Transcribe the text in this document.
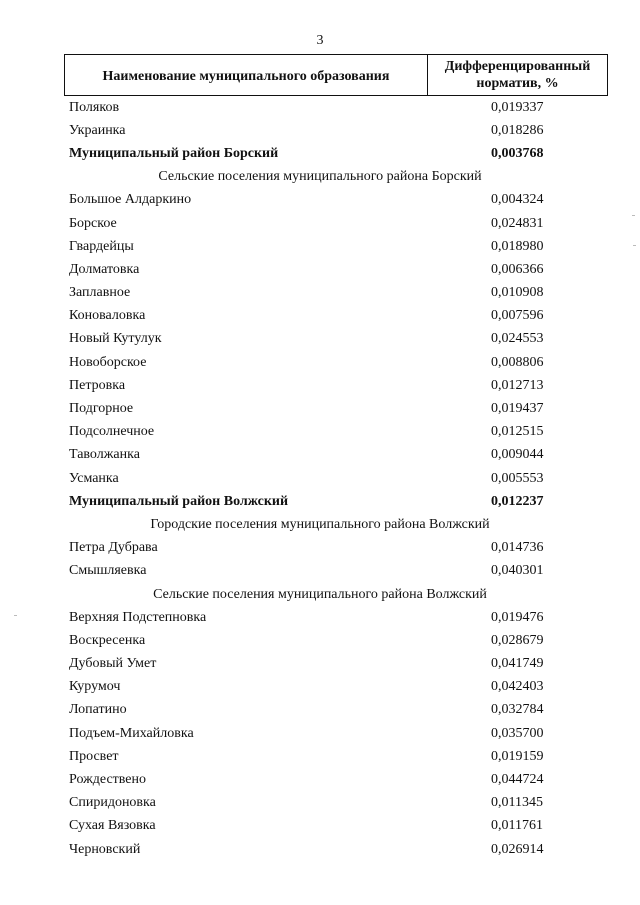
3
Наименование муниципального образования
Дифференцированный
норматив, %
Поляков	0,019337
Украинка	0,018286
Муниципальный район Борский	0,003768
Сельские поселения муниципального района Борский
Большое Алдаркино	0,004324
Борское	0,024831
Гвардейцы	0,018980
Долматовка	0,006366
Заплавное	0,010908
Коноваловка	0,007596
Новый Кутулук	0,024553
Новоборское	0,008806
Петровка	0,012713
Подгорное	0,019437
Подсолнечное	0,012515
Таволжанка	0,009044
Усманка	0,005553
Муниципальный район Волжский	0,012237
Городские поселения муниципального района Волжский
Петра Дубрава	0,014736
Смышляевка	0,040301
Сельские поселения муниципального района Волжский
Верхняя Подстепновка	0,019476
Воскресенка	0,028679
Дубовый Умет	0,041749
Курумоч	0,042403
Лопатино	0,032784
Подъем-Михайловка	0,035700
Просвет	0,019159
Рождествено	0,044724
Спиридоновка	0,011345
Сухая Вязовка	0,011761
Черновский	0,026914
